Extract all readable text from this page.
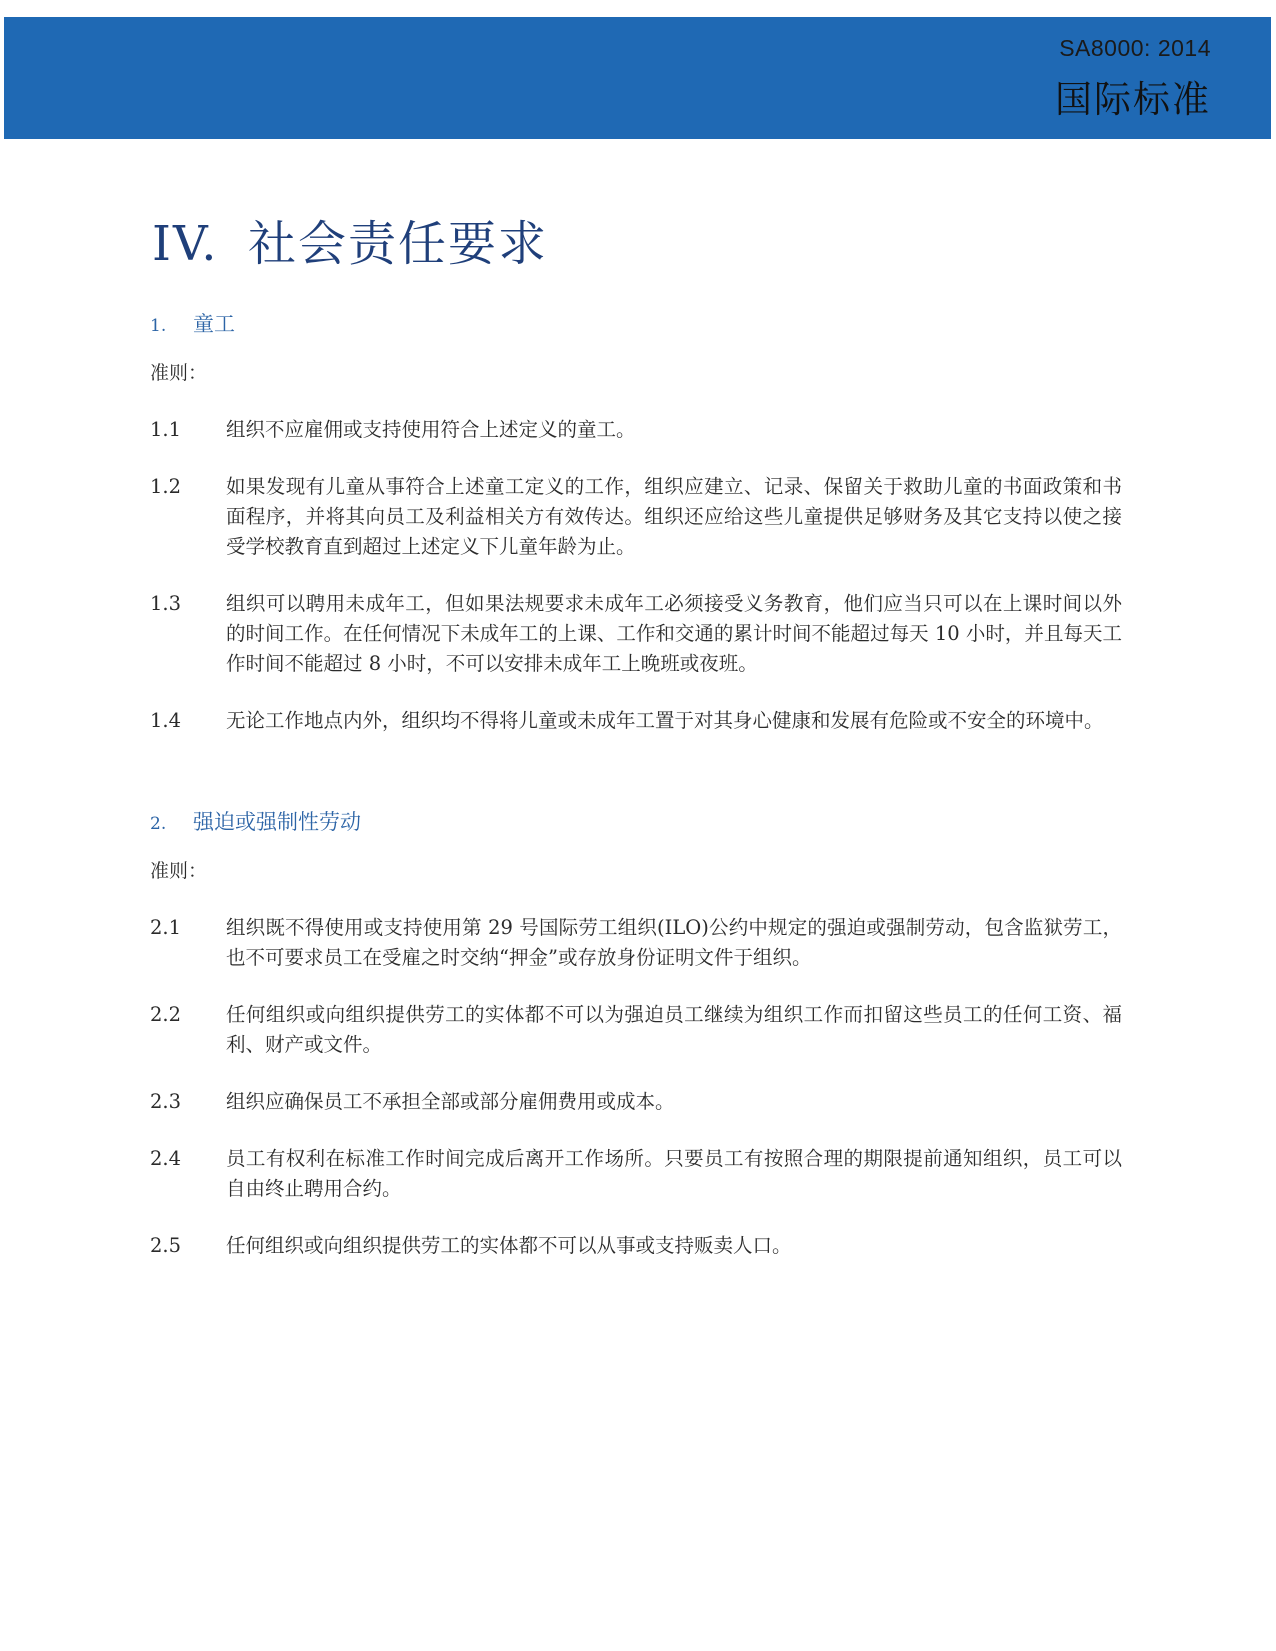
SA8000: 2014
国际标准
IV. 社会责任要求
1. 童工

准则：

1.1	组织不应雇佣或支持使用符合上述定义的童工。
1.2	如果发现有儿童从事符合上述童工定义的工作，组织应建立、记录、保留关于救助儿童的书面政策和书面程序，并将其向员工及利益相关方有效传达。组织还应给这些儿童提供足够财务及其它支持以使之接受学校教育直到超过上述定义下儿童年龄为止。
1.3	组织可以聘用未成年工，但如果法规要求未成年工必须接受义务教育，他们应当只可以在上课时间以外的时间工作。在任何情况下未成年工的上课、工作和交通的累计时间不能超过每天 10 小时，并且每天工作时间不能超过 8 小时，不可以安排未成年工上晚班或夜班。
1.4	无论工作地点内外，组织均不得将儿童或未成年工置于对其身心健康和发展有危险或不安全的环境中。
2. 强迫或强制性劳动

准则：

2.1	组织既不得使用或支持使用第 29 号国际劳工组织(ILO)公约中规定的强迫或强制劳动，包含监狱劳工，也不可要求员工在受雇之时交纳“押金”或存放身份证明文件于组织。
2.2	任何组织或向组织提供劳工的实体都不可以为强迫员工继续为组织工作而扣留这些员工的任何工资、福利、财产或文件。
2.3	组织应确保员工不承担全部或部分雇佣费用或成本。
2.4	员工有权利在标准工作时间完成后离开工作场所。只要员工有按照合理的期限提前通知组织，员工可以自由终止聘用合约。
2.5	任何组织或向组织提供劳工的实体都不可以从事或支持贩卖人口。
